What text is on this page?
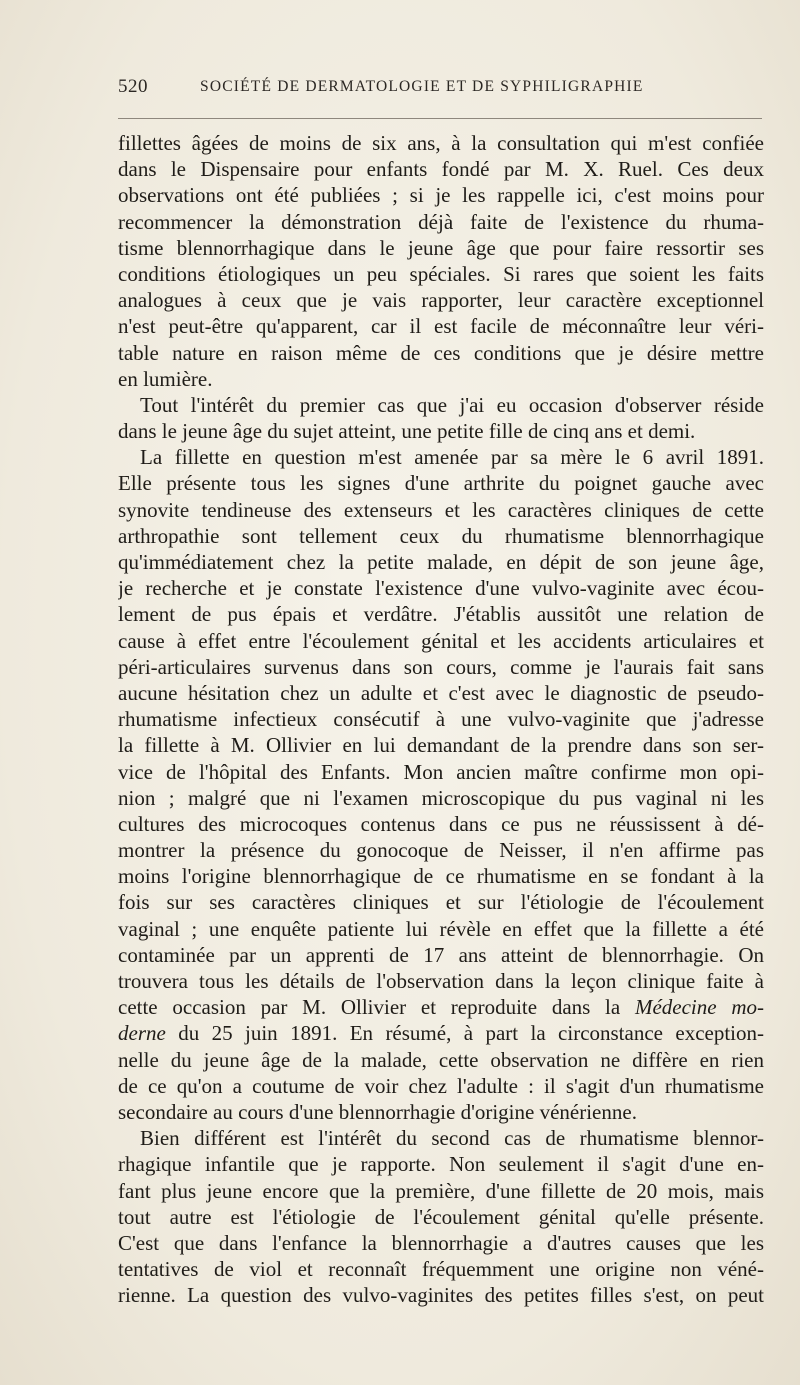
520	SOCIÉTÉ DE DERMATOLOGIE ET DE SYPHILIGRAPHIE
fillettes âgées de moins de six ans, à la consultation qui m'est confiée
dans le Dispensaire pour enfants fondé par M. X. Ruel. Ces deux
observations ont été publiées ; si je les rappelle ici, c'est moins pour
recommencer la démonstration déjà faite de l'existence du rhuma-
tisme blennorrhagique dans le jeune âge que pour faire ressortir ses
conditions étiologiques un peu spéciales. Si rares que soient les faits
analogues à ceux que je vais rapporter, leur caractère exceptionnel
n'est peut-être qu'apparent, car il est facile de méconnaître leur véri-
table nature en raison même de ces conditions que je désire mettre
en lumière.
Tout l'intérêt du premier cas que j'ai eu occasion d'observer réside
dans le jeune âge du sujet atteint, une petite fille de cinq ans et demi.
La fillette en question m'est amenée par sa mère le 6 avril 1891.
Elle présente tous les signes d'une arthrite du poignet gauche avec
synovite tendineuse des extenseurs et les caractères cliniques de cette
arthropathie sont tellement ceux du rhumatisme blennorrhagique
qu'immédiatement chez la petite malade, en dépit de son jeune âge,
je recherche et je constate l'existence d'une vulvo-vaginite avec écou-
lement de pus épais et verdâtre. J'établis aussitôt une relation de
cause à effet entre l'écoulement génital et les accidents articulaires et
péri-articulaires survenus dans son cours, comme je l'aurais fait sans
aucune hésitation chez un adulte et c'est avec le diagnostic de pseudo-
rhumatisme infectieux consécutif à une vulvo-vaginite que j'adresse
la fillette à M. Ollivier en lui demandant de la prendre dans son ser-
vice de l'hôpital des Enfants. Mon ancien maître confirme mon opi-
nion ; malgré que ni l'examen microscopique du pus vaginal ni les
cultures des microcoques contenus dans ce pus ne réussissent à dé-
montrer la présence du gonocoque de Neisser, il n'en affirme pas
moins l'origine blennorrhagique de ce rhumatisme en se fondant à la
fois sur ses caractères cliniques et sur l'étiologie de l'écoulement
vaginal ; une enquête patiente lui révèle en effet que la fillette a été
contaminée par un apprenti de 17 ans atteint de blennorrhagie. On
trouvera tous les détails de l'observation dans la leçon clinique faite à
cette occasion par M. Ollivier et reproduite dans la Médecine mo-
derne du 25 juin 1891. En résumé, à part la circonstance exception-
nelle du jeune âge de la malade, cette observation ne diffère en rien
de ce qu'on a coutume de voir chez l'adulte : il s'agit d'un rhumatisme
secondaire au cours d'une blennorrhagie d'origine vénérienne.
Bien différent est l'intérêt du second cas de rhumatisme blennor-
rhagique infantile que je rapporte. Non seulement il s'agit d'une en-
fant plus jeune encore que la première, d'une fillette de 20 mois, mais
tout autre est l'étiologie de l'écoulement génital qu'elle présente.
C'est que dans l'enfance la blennorrhagie a d'autres causes que les
tentatives de viol et reconnaît fréquemment une origine non véné-
rienne. La question des vulvo-vaginites des petites filles s'est, on peut
